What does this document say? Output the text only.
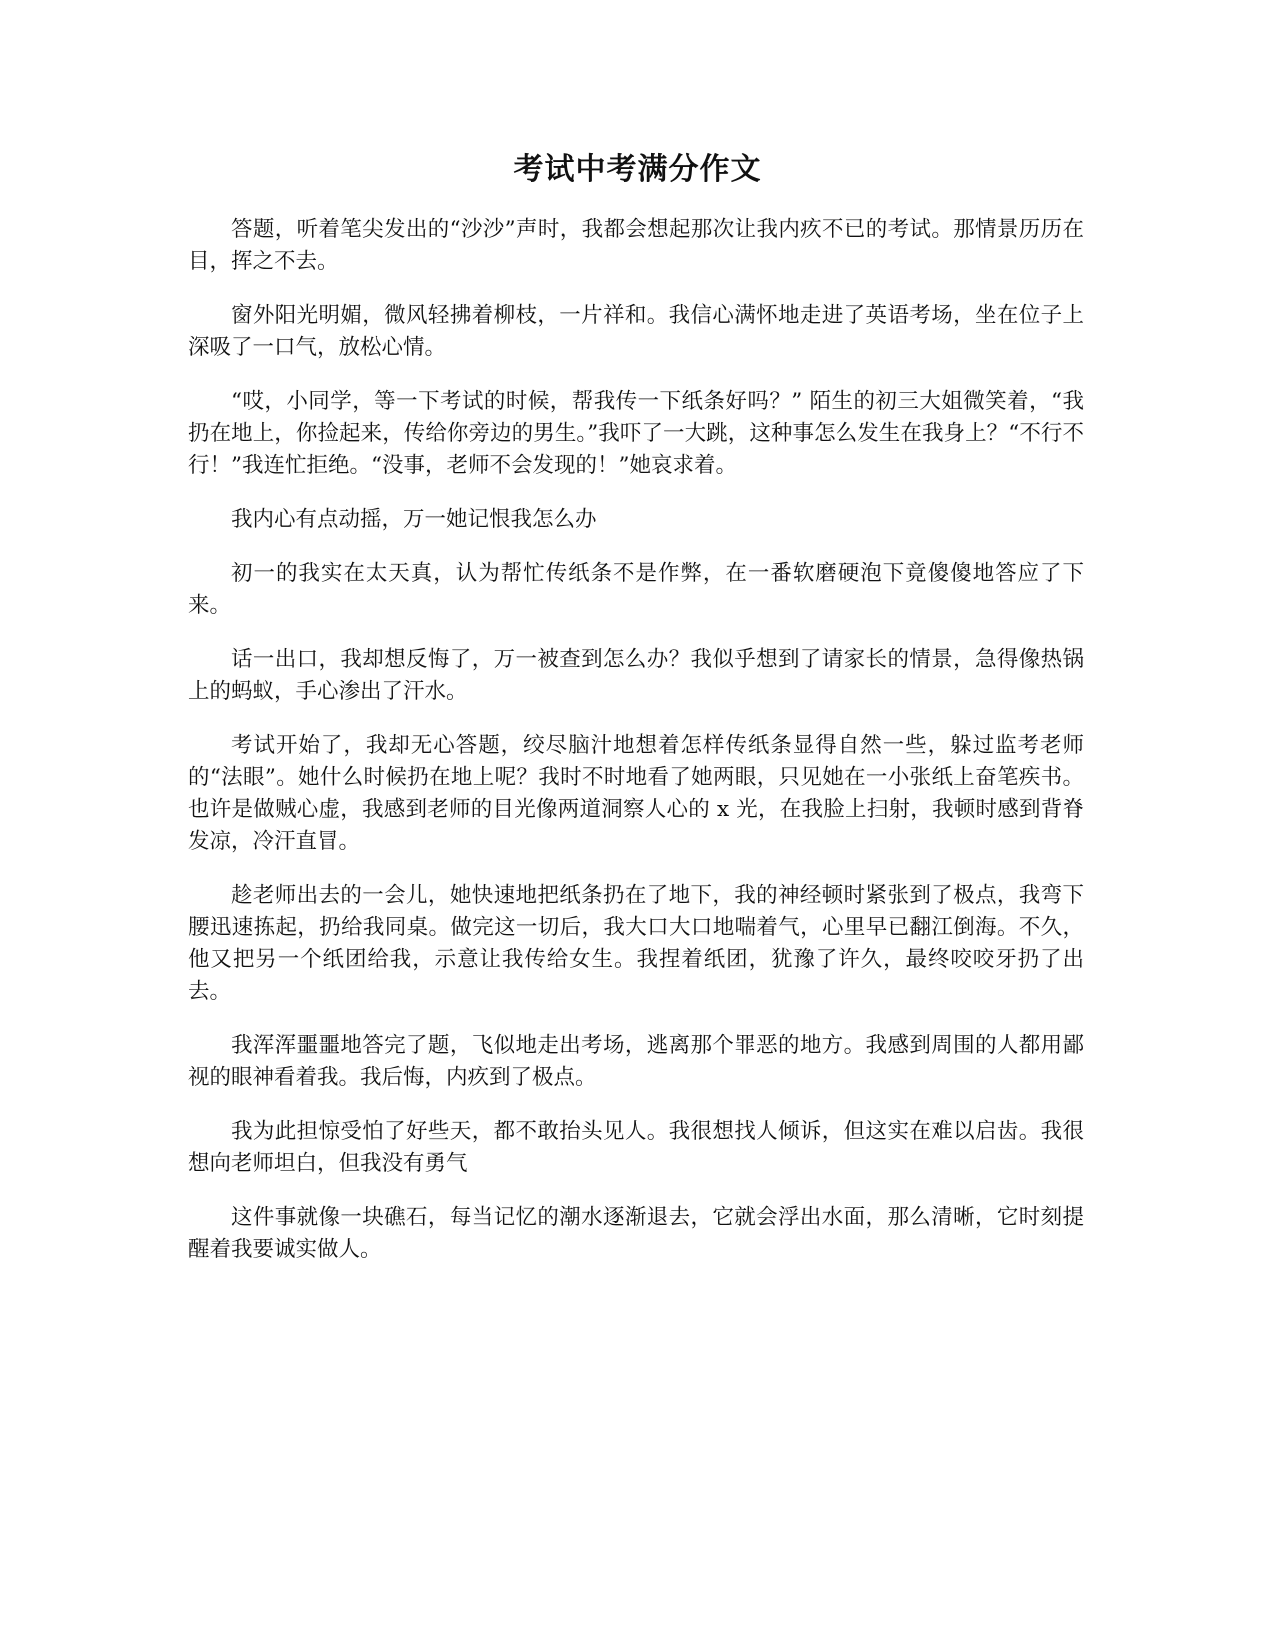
考试中考满分作文

答题，听着笔尖发出的“沙沙”声时，我都会想起那次让我内疚不已的考试。那情景历历在目，挥之不去。

窗外阳光明媚，微风轻拂着柳枝，一片祥和。我信心满怀地走进了英语考场，坐在位子上深吸了一口气，放松心情。

“哎，小同学，等一下考试的时候，帮我传一下纸条好吗？” 陌生的初三大姐微笑着，“我扔在地上，你捡起来，传给你旁边的男生。”我吓了一大跳，这种事怎么发生在我身上？“不行不行！”我连忙拒绝。“没事，老师不会发现的！”她哀求着。

我内心有点动摇，万一她记恨我怎么办

初一的我实在太天真，认为帮忙传纸条不是作弊，在一番软磨硬泡下竟傻傻地答应了下来。

话一出口，我却想反悔了，万一被查到怎么办？我似乎想到了请家长的情景，急得像热锅上的蚂蚁，手心渗出了汗水。

考试开始了，我却无心答题，绞尽脑汁地想着怎样传纸条显得自然一些，躲过监考老师的“法眼”。她什么时候扔在地上呢？我时不时地看了她两眼，只见她在一小张纸上奋笔疾书。也许是做贼心虚，我感到老师的目光像两道洞察人心的 x 光，在我脸上扫射，我顿时感到背脊发凉，冷汗直冒。

趁老师出去的一会儿，她快速地把纸条扔在了地下，我的神经顿时紧张到了极点，我弯下腰迅速拣起，扔给我同桌。做完这一切后，我大口大口地喘着气，心里早已翻江倒海。不久，他又把另一个纸团给我，示意让我传给女生。我捏着纸团，犹豫了许久，最终咬咬牙扔了出去。

我浑浑噩噩地答完了题，飞似地走出考场，逃离那个罪恶的地方。我感到周围的人都用鄙视的眼神看着我。我后悔，内疚到了极点。

我为此担惊受怕了好些天，都不敢抬头见人。我很想找人倾诉，但这实在难以启齿。我很想向老师坦白，但我没有勇气

这件事就像一块礁石，每当记忆的潮水逐渐退去，它就会浮出水面，那么清晰，它时刻提醒着我要诚实做人。
